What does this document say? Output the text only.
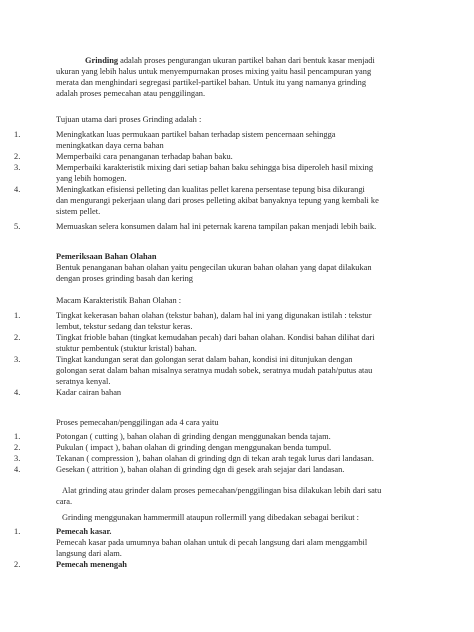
Grinding adalah proses pengurangan ukuran partikel bahan dari bentuk kasar menjadi
ukuran yang lebih halus untuk menyempurnakan proses mixing yaitu hasil pencampuran yang
merata dan menghindari segregasi partikel-partikel bahan. Untuk itu yang namanya grinding
adalah proses pemecahan atau penggilingan.
Tujuan utama dari proses Grinding adalah :
1.	Meningkatkan luas permukaan partikel bahan terhadap sistem pencernaan sehingga
meningkatkan daya cerna bahan
2.	Memperbaiki cara penanganan terhadap bahan baku.
3.	Memperbaiki karakteristik mixing dari setiap bahan baku sehingga bisa diperoleh hasil mixing
yang lebih homogen.
4.	Meningkatkan efisiensi pelleting dan kualitas pellet karena persentase tepung bisa dikurangi
dan mengurangi pekerjaan ulang dari proses pelleting akibat banyaknya tepung yang kembali ke
sistem pellet.
5.	Memuaskan selera konsumen dalam hal ini peternak karena tampilan pakan menjadi lebih baik.
Pemeriksaan Bahan Olahan
Bentuk penanganan bahan olahan yaitu pengecilan ukuran bahan olahan yang dapat dilakukan
dengan proses grinding basah dan kering
Macam Karakteristik Bahan Olahan :
1.	Tingkat kekerasan bahan olahan (tekstur bahan), dalam hal ini yang digunakan istilah : tekstur
lembut, tekstur sedang dan tekstur keras.
2.	Tingkat frioble bahan (tingkat kemudahan pecah) dari bahan olahan. Kondisi bahan dilihat dari
stuktur pembentuk (stuktur kristal) bahan.
3.	Tingkat kandungan serat dan golongan serat dalam bahan, kondisi ini ditunjukan dengan
golongan serat dalam bahan misalnya seratnya mudah sobek, seratnya mudah patah/putus atau
seratnya kenyal.
4.	Kadar cairan bahan
Proses pemecahan/penggilingan ada 4 cara yaitu
1.	Potongan ( cutting ), bahan olahan di grinding dengan menggunakan benda tajam.
2.	Pukulan ( impact ), bahan olahan di grinding dengan menggunakan benda tumpul.
3.	Tekanan ( compression ), bahan olahan di grinding dgn di tekan arah tegak lurus dari landasan.
4.	Gesekan ( attrition ), bahan olahan di grinding dgn di gesek arah sejajar dari landasan.
Alat grinding atau grinder dalam proses pemecahan/penggilingan bisa dilakukan lebih dari satu
cara.
Grinding menggunakan hammermill ataupun rollermill yang dibedakan sebagai berikut :
1.	Pemecah kasar.
Pemecah kasar pada umumnya bahan olahan untuk di pecah langsung dari alam menggambil
langsung dari alam.
2.	Pemecah menengah
